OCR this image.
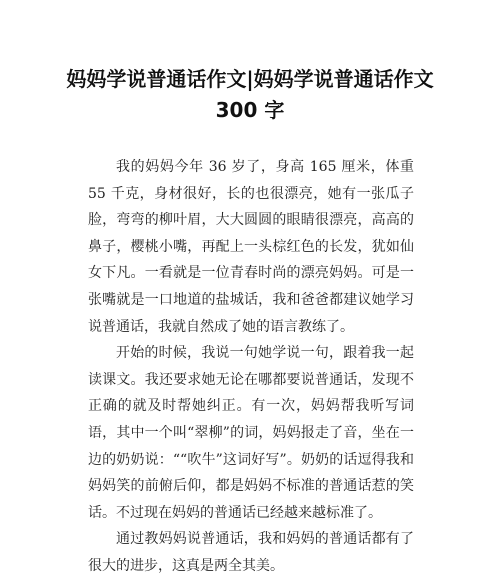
妈妈学说普通话作文|妈妈学说普通话作文 300 字

我的妈妈今年 36 岁了，身高 165 厘米，体重 55 千克，身材很好，长的也很漂亮，她有一张瓜子脸，弯弯的柳叶眉，大大圆圆的眼睛很漂亮，高高的鼻子，樱桃小嘴，再配上一头棕红色的长发，犹如仙女下凡。一看就是一位青春时尚的漂亮妈妈。可是一张嘴就是一口地道的盐城话，我和爸爸都建议她学习说普通话，我就自然成了她的语言教练了。

开始的时候，我说一句她学说一句，跟着我一起读课文。我还要求她无论在哪都要说普通话，发现不正确的就及时帮她纠正。有一次，妈妈帮我听写词语，其中一个叫“翠柳”的词，妈妈报走了音，坐在一边的奶奶说：““吹牛”这词好写”。奶奶的话逗得我和妈妈笑的前俯后仰，都是妈妈不标准的普通话惹的笑话。不过现在妈妈的普通话已经越来越标准了。

通过教妈妈说普通话，我和妈妈的普通话都有了很大的进步，这真是两全其美。
